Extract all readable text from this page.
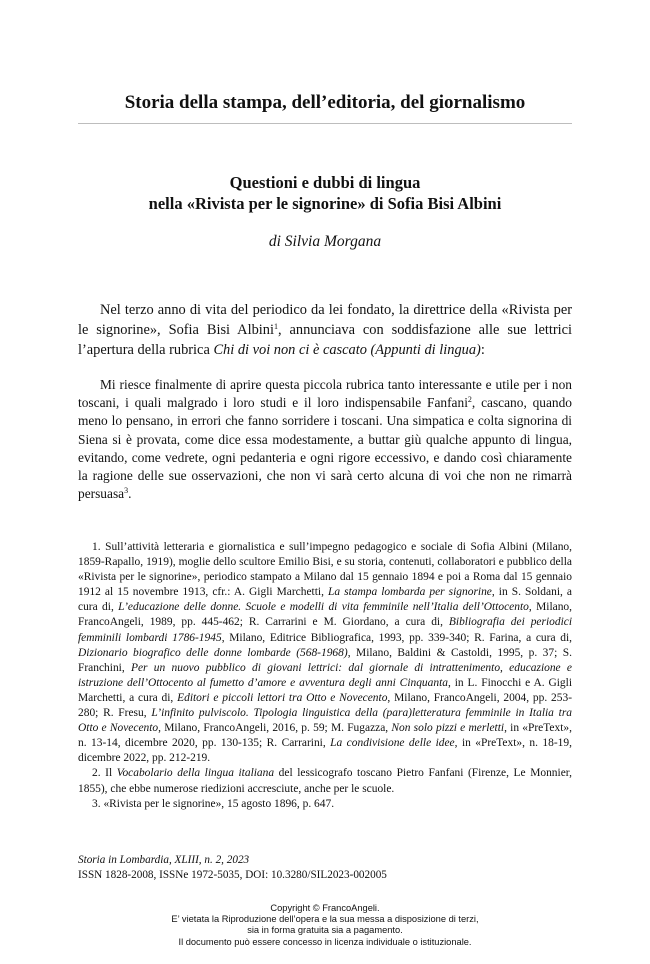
Storia della stampa, dell’editoria, del giornalismo
Questioni e dubbi di lingua
nella «Rivista per le signorine» di Sofia Bisi Albini
di Silvia Morgana

Nel terzo anno di vita del periodico da lei fondato, la direttrice della «Rivista per le signorine», Sofia Bisi Albini$^1$, annunciava con soddisfazione alle sue lettrici l’apertura della rubrica Chi di voi non ci è cascato (Appunti di lingua):

Mi riesce finalmente di aprire questa piccola rubrica tanto interessante e utile per i non toscani, i quali malgrado i loro studi e il loro indispensabile Fanfani$^2$, cascano, quando meno lo pensano, in errori che fanno sorridere i toscani. Una simpatica e colta signorina di Siena si è provata, come dice essa modestamente, a buttar giù qualche appunto di lingua, evitando, come vedrete, ogni pedanteria e ogni rigore eccessivo, e dando così chiaramente la ragione delle sue osservazioni, che non vi sarà certo alcuna di voi che non ne rimarrà persuasa$^3$.

1. Sull’attività letteraria e giornalistica e sull’impegno pedagogico e sociale di Sofia Albini (Milano, 1859-Rapallo, 1919), moglie dello scultore Emilio Bisi, e su storia, contenuti, collaboratori e pubblico della «Rivista per le signorine», periodico stampato a Milano dal 15 gennaio 1894 e poi a Roma dal 15 gennaio 1912 al 15 novembre 1913, cfr.: A. Gigli Marchetti, La stampa lombarda per signorine, in S. Soldani, a cura di, L’educazione delle donne. Scuole e modelli di vita femminile nell’Italia dell’Ottocento, Milano, FrancoAngeli, 1989, pp. 445-462; R. Carrarini e M. Giordano, a cura di, Bibliografia dei periodici femminili lombardi 1786-1945, Milano, Editrice Bibliografica, 1993, pp. 339-340; R. Farina, a cura di, Dizionario biografico delle donne lombarde (568-1968), Milano, Baldini & Castoldi, 1995, p. 37; S. Franchini, Per un nuovo pubblico di giovani lettrici: dal giornale di intrattenimento, educazione e istruzione dell’Ottocento al fumetto d’amore e avventura degli anni Cinquanta, in L. Finocchi e A. Gigli Marchetti, a cura di, Editori e piccoli lettori tra Otto e Novecento, Milano, FrancoAngeli, 2004, pp. 253-280; R. Fresu, L’infinito pulviscolo. Tipologia linguistica della (para)letteratura femminile in Italia tra Otto e Novecento, Milano, FrancoAngeli, 2016, p. 59; M. Fugazza, Non solo pizzi e merletti, in «PreText», n. 13-14, dicembre 2020, pp. 130-135; R. Carrarini, La condivisione delle idee, in «PreText», n. 18-19, dicembre 2022, pp. 212-219.

2. Il Vocabolario della lingua italiana del lessicografo toscano Pietro Fanfani (Firenze, Le Monnier, 1855), che ebbe numerose riedizioni accresciute, anche per le scuole.

3. «Rivista per le signorine», 15 agosto 1896, p. 647.

Storia in Lombardia, XLIII, n. 2, 2023
ISSN 1828-2008, ISSNe 1972-5035, DOI: 10.3280/SIL2023-002005
Copyright © FrancoAngeli.
E’ vietata la Riproduzione dell’opera e la sua messa a disposizione di terzi,
sia in forma gratuita sia a pagamento.
Il documento può essere concesso in licenza individuale o istituzionale.
